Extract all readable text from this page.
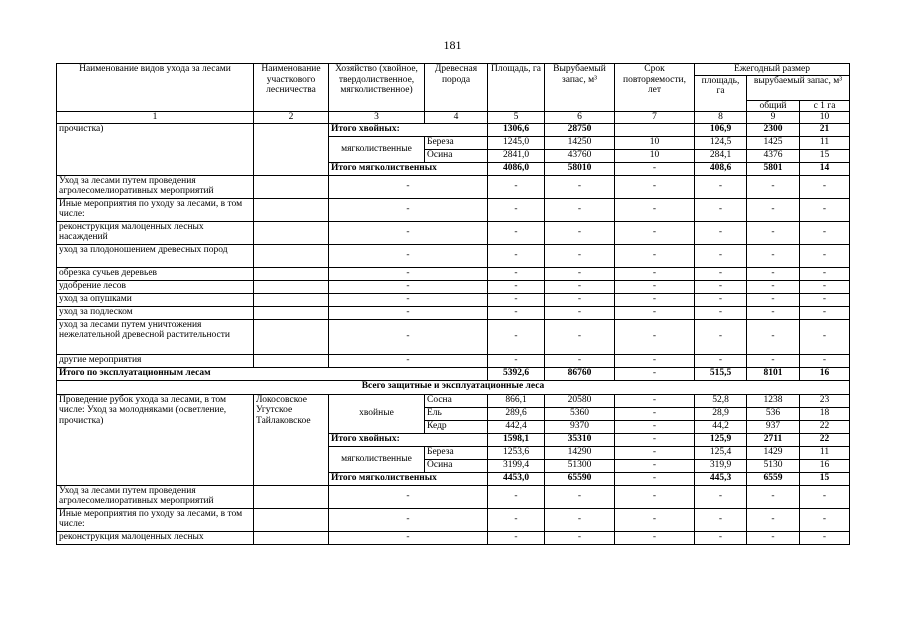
181
Наименование видов ухода за лесами	Наименование участкового лесничества	Хозяйство (хвойное, твердолиственное, мягколиственное)	Древесная порода	Площадь, га	Вырубаемый запас, м³	Срок повторяемости, лет	Ежегодный размер		
							площадь, га	вырубаемый запас, м³	
								общий	с 1 га
1	2	3	4	5	6	7	8	9	10
прочистка)		Итого хвойных:		1306,6	28750		106,9	2300	21
		мягколиственные	Береза	1245,0	14250	10	124,5	1425	11
			Осина	2841,0	43760	10	284,1	4376	15
		Итого мягколиственных		4086,0	58010	-	408,6	5801	14
Уход за лесами путем проведения агролесомелиоративных мероприятий		-		-	-	-	-	-	-
Иные мероприятия по уходу за лесами, в том числе:		-		-	-	-	-	-	-
реконструкция малоценных лесных насаждений		-		-	-	-	-	-	-
уход за плодоношением древесных пород		-		-	-	-	-	-	-
обрезка сучьев деревьев		-		-	-	-	-	-	-
удобрение лесов		-		-	-	-	-	-	-
уход за опушками		-		-	-	-	-	-	-
уход за подлеском		-		-	-	-	-	-	-
уход за лесами путем уничтожения нежелательной древесной растительности		-		-	-	-	-	-	-
другие мероприятия		-		-	-	-	-	-	-
Итого по эксплуатационным лесам				5392,6	86760	-	515,5	8101	16
Всего защитные и эксплуатационные леса									
Проведение рубок ухода за лесами, в том числе: Уход за молодняками (осветление, прочистка)	Локосовское Угутское Тайлаковское	хвойные	Сосна	866,1	20580	-	52,8	1238	23
			Ель	289,6	5360	-	28,9	536	18
			Кедр	442,4	9370	-	44,2	937	22
		Итого хвойных:		1598,1	35310	-	125,9	2711	22
		мягколиственные	Береза	1253,6	14290	-	125,4	1429	11
			Осина	3199,4	51300	-	319,9	5130	16
		Итого мягколиственных		4453,0	65590	-	445,3	6559	15
Уход за лесами путем проведения агролесомелиоративных мероприятий		-		-	-	-	-	-	-
Иные мероприятия по уходу за лесами, в том числе:		-		-	-	-	-	-	-
реконструкция малоценных лесных		-		-	-	-	-	-	-
